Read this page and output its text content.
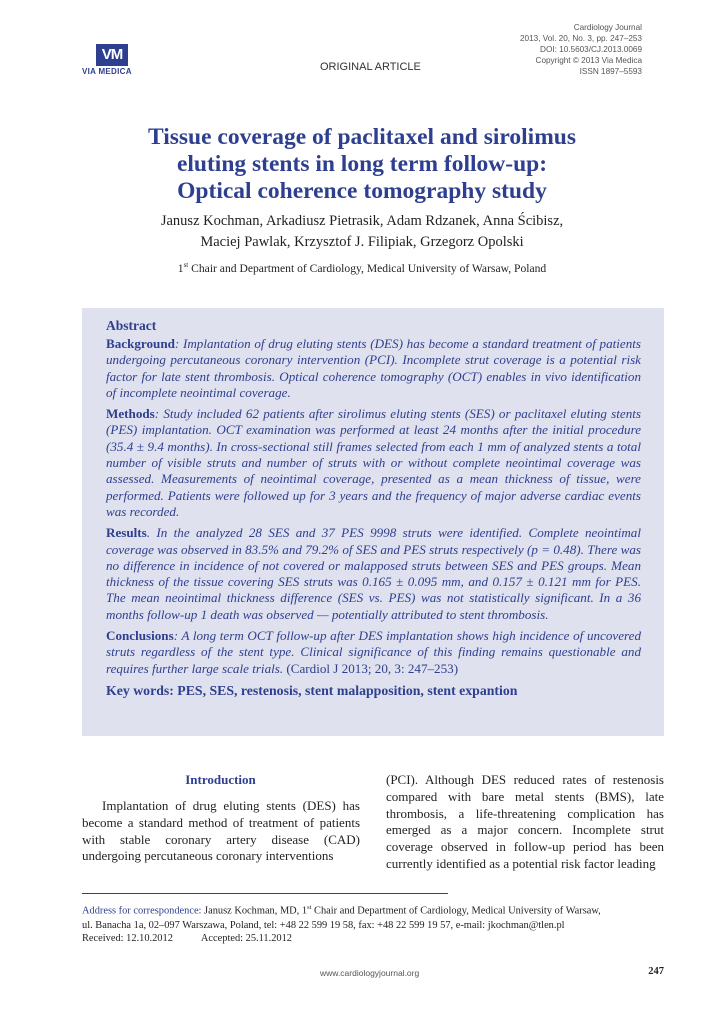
VM
VIA MEDICA	ORIGINAL ARTICLE
Cardiology Journal
2013, Vol. 20, No. 3, pp. 247–253
DOI: 10.5603/CJ.2013.0069
Copyright © 2013 Via Medica
ISSN 1897–5593
Tissue coverage of paclitaxel and sirolimus
eluting stents in long term follow-up:
Optical coherence tomography study
Janusz Kochman, Arkadiusz Pietrasik, Adam Rdzanek, Anna Ścibisz,
Maciej Pawlak, Krzysztof J. Filipiak, Grzegorz Opolski
1st Chair and Department of Cardiology, Medical University of Warsaw, Poland
Abstract

Background: Implantation of drug eluting stents (DES) has become a standard treatment of patients undergoing percutaneous coronary intervention (PCI). Incomplete strut coverage is a potential risk factor for late stent thrombosis. Optical coherence tomography (OCT) enables in vivo identification of incomplete neointimal coverage.

Methods: Study included 62 patients after sirolimus eluting stents (SES) or paclitaxel eluting stents (PES) implantation. OCT examination was performed at least 24 months after the initial procedure (35.4 ± 9.4 months). In cross-sectional still frames selected from each 1 mm of analyzed stents a total number of visible struts and number of struts with or without complete neointimal coverage was assessed. Measurements of neointimal coverage, presented as a mean thickness of tissue, were performed. Patients were followed up for 3 years and the frequency of major adverse cardiac events was recorded.

Results. In the analyzed 28 SES and 37 PES 9998 struts were identified. Complete neointimal coverage was observed in 83.5% and 79.2% of SES and PES struts respectively (p = 0.48). There was no difference in incidence of not covered or malapposed struts between SES and PES groups. Mean thickness of the tissue covering SES struts was 0.165 ± 0.095 mm, and 0.157 ± 0.121 mm for PES. The mean neointimal thickness difference (SES vs. PES) was not statistically significant. In a 36 months follow-up 1 death was observed — potentially attributed to stent thrombosis.

Conclusions: A long term OCT follow-up after DES implantation shows high incidence of uncovered struts regardless of the stent type. Clinical significance of this finding remains questionable and requires further large scale trials. (Cardiol J 2013; 20, 3: 247–253)

Key words: PES, SES, restenosis, stent malapposition, stent expantion
Introduction

Implantation of drug eluting stents (DES) has become a standard method of treatment of patients with stable coronary artery disease (CAD) undergoing percutaneous coronary interventions

(PCI). Although DES reduced rates of restenosis compared with bare metal stents (BMS), late thrombosis, a life-threatening complication has emerged as a major concern. Incomplete strut coverage observed in follow-up period has been currently identified as a potential risk factor leading

Address for correspondence: Janusz Kochman, MD, 1st Chair and Department of Cardiology, Medical University of Warsaw,
ul. Banacha 1a, 02–097 Warszawa, Poland, tel: +48 22 599 19 58, fax: +48 22 599 19 57, e-mail: jkochman@tlen.pl
Received: 12.10.2012	Accepted: 25.11.2012
www.cardiologyjournal.org	247
